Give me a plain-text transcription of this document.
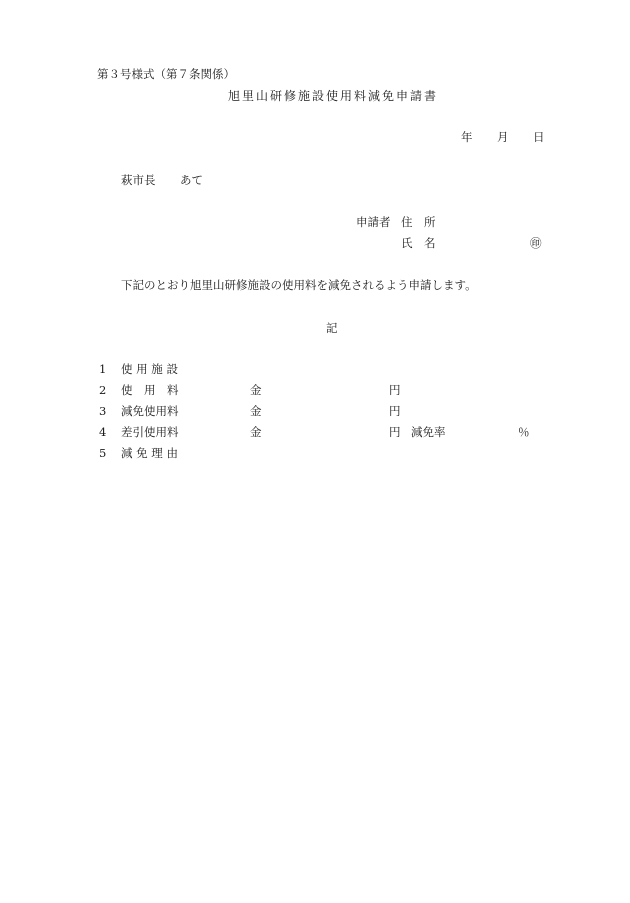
第３号様式（第７条関係）
旭里山研修施設使用料減免申請書
年 月 日
萩市長 あて
申請者 住　所
氏　名	㊞
下記のとおり旭里山研修施設の使用料を減免されるよう申請します。
記
1 使 用 施 設
2 使　用　料	金	円
3 減免使用料	金	円
4 差引使用料	金	円 減免率	％
5 減 免 理 由
